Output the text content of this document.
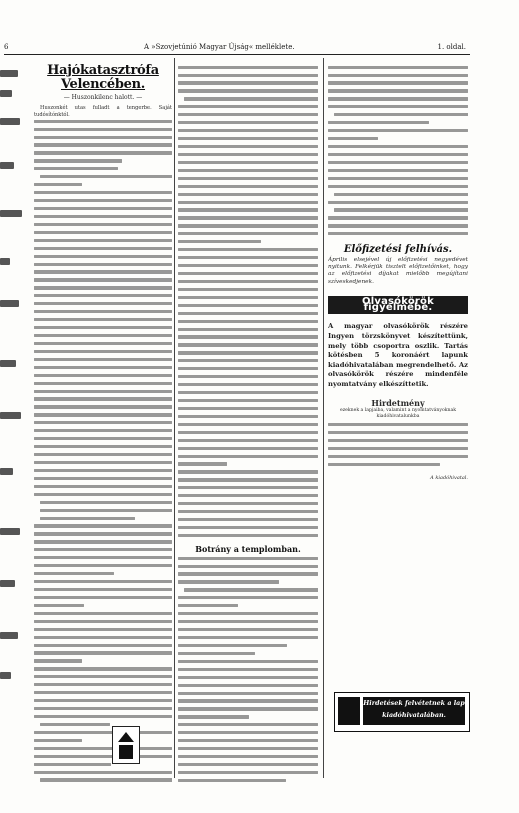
6	A »Szovjetúnió Magyar Újság« melléklete.	1. oldal.
Hajókatasztrófa Velencében.
— Huszonkilenc halott. —
Huszonkét utas fulladt a tengerbe. Saját tudósítónktól.
Botrány a templomban.
Előfizetési felhívás.
Április elsejével új előfizetési negyedévet nyitunk. Felkérjük tisztelt előfizetőinket, hogy az előfizetési díjakat mielőbb megújítani szíveskedjenek.
Olvasókörök figyelmébe.
A magyar olvasókörök részére Ingyen törzskönyvet készítettünk, mely több csoportra oszlik. Tartás kötésben 5 koronáért lapunk kiadóhivatalában megrendelhető. Az olvasókörök részére mindenféle nyomtatvány elkészíttetik.
Hirdetmény
ezeknek a lapjaiba, valamint a nyomtatványoknak kiadóhivatalunkba
A kiadóhivatal.
Hirdetések felvétetnek a lap kiadóhivatalában.
